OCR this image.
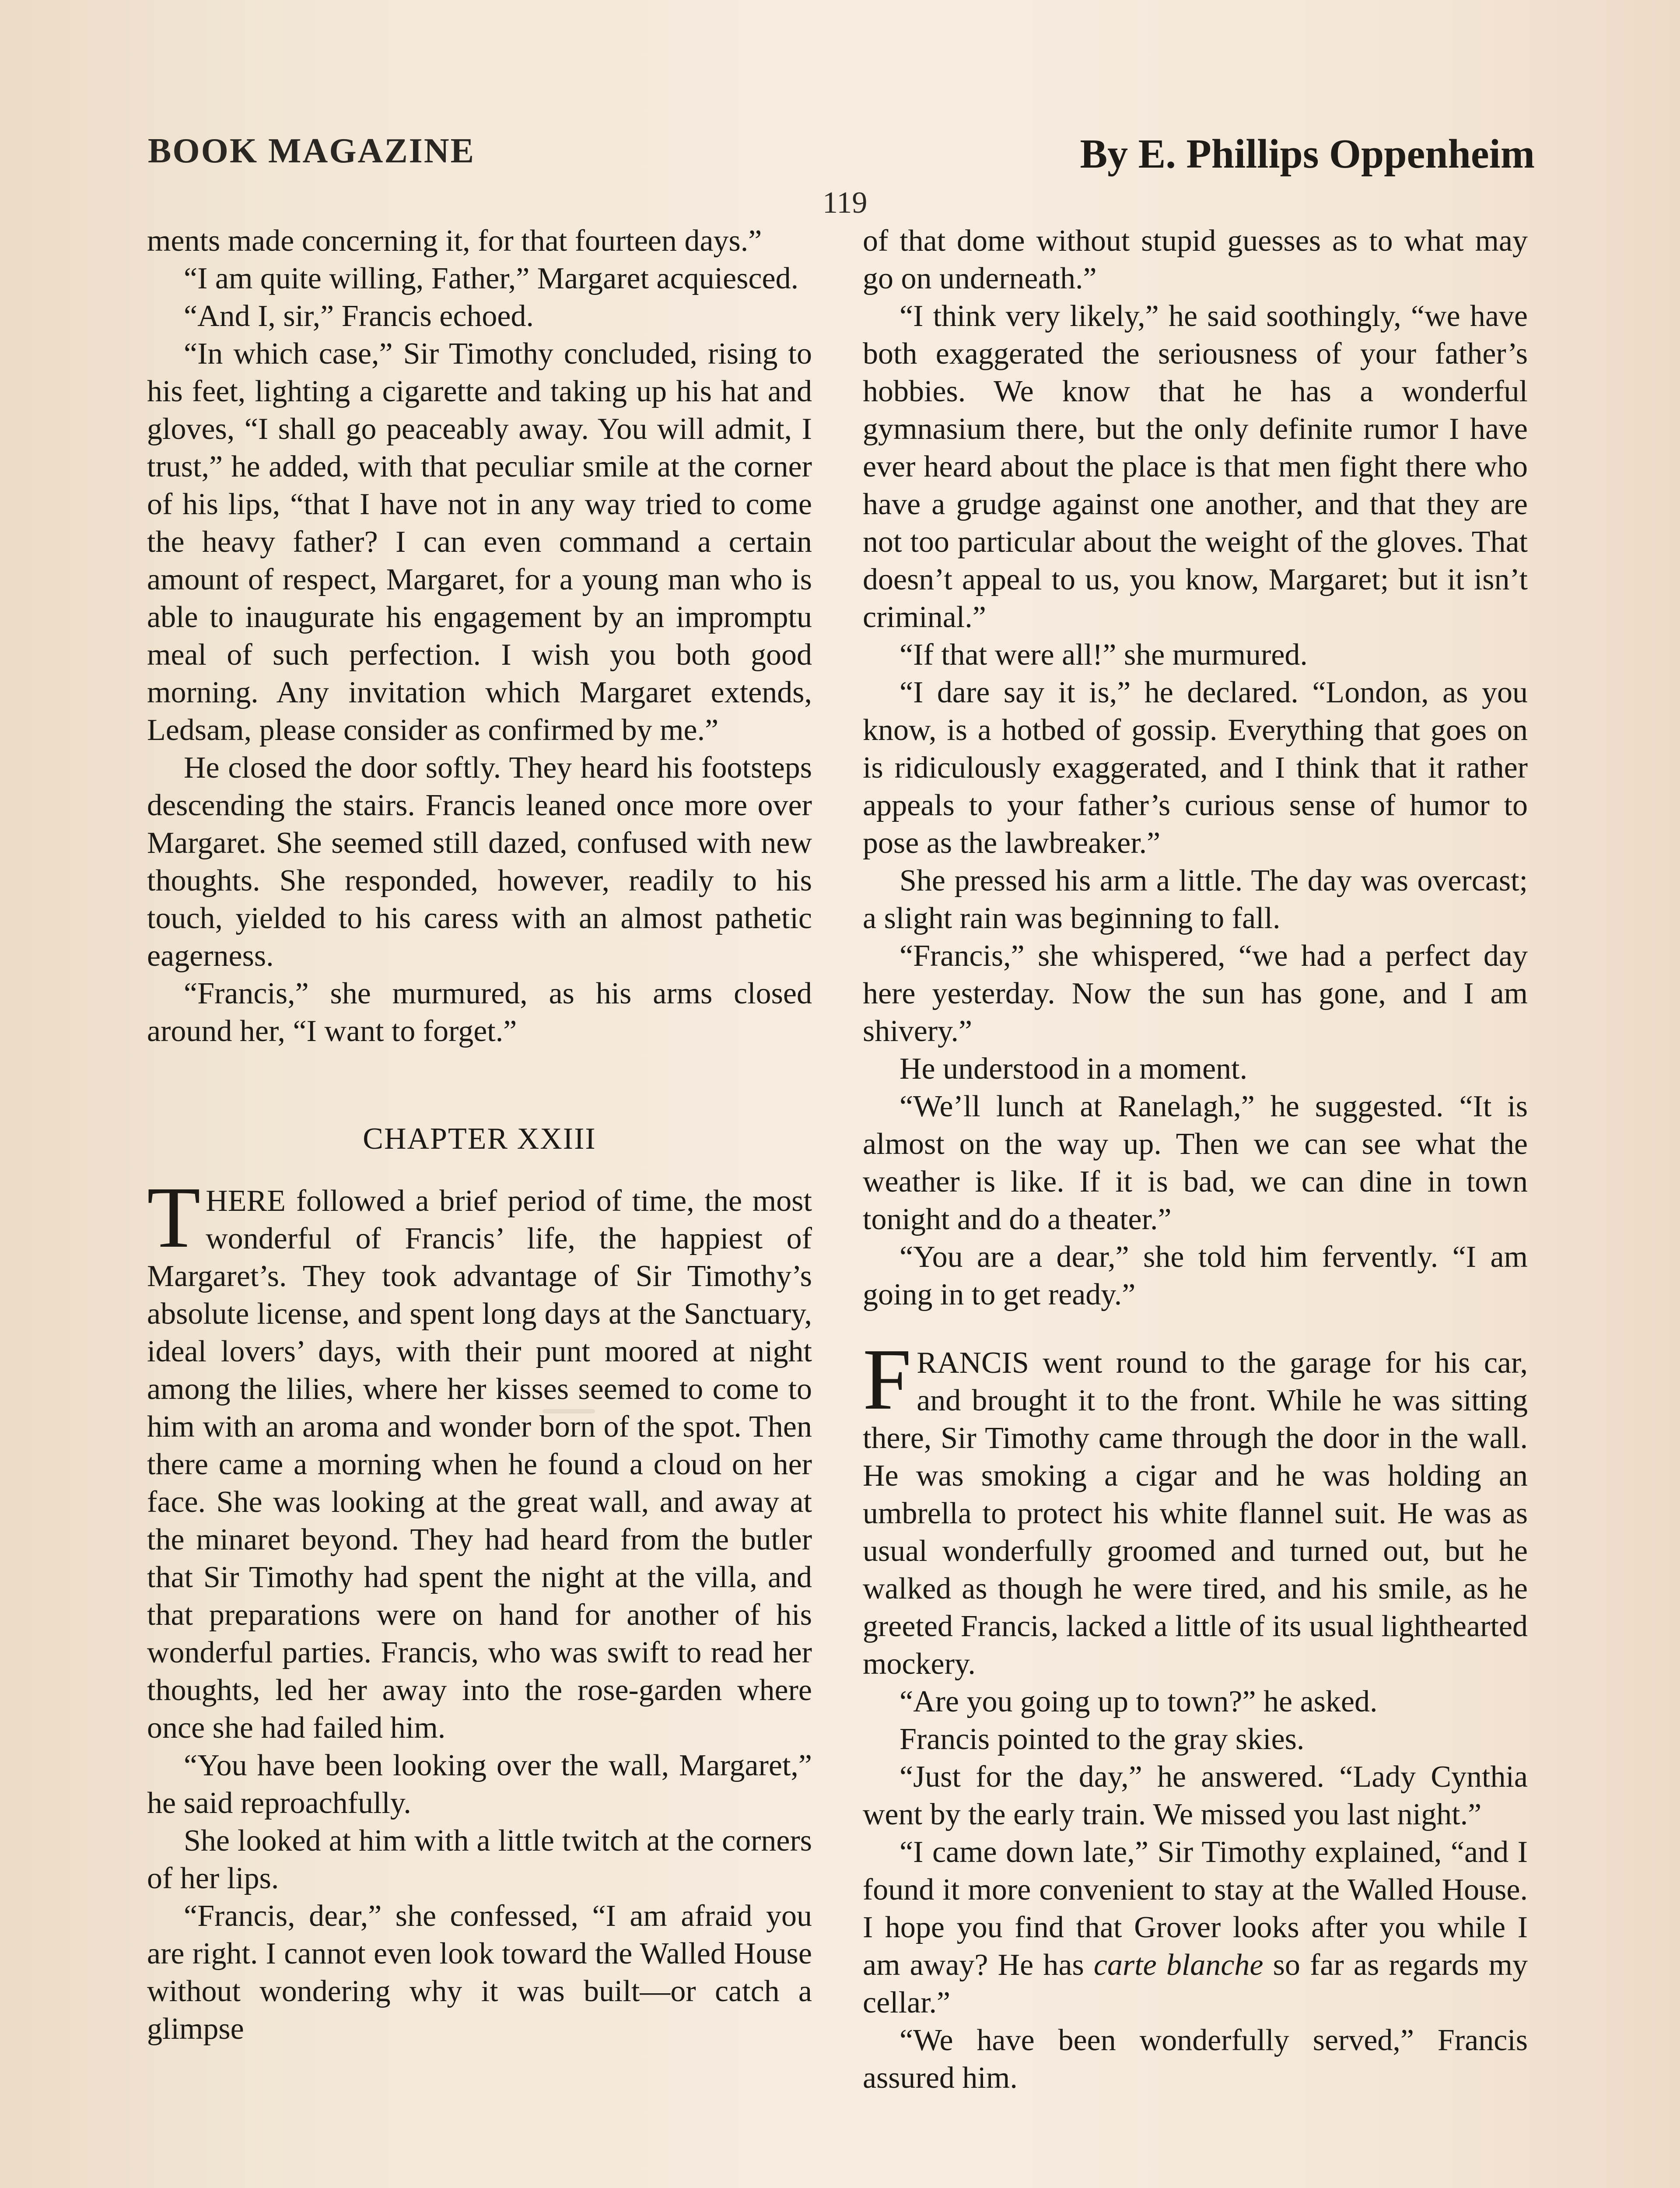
BOOK MAGAZINE	By E. Phillips Oppenheim
119

ments made concerning it, for that fourteen days.”

“I am quite willing, Father,” Margaret acquiesced.

“And I, sir,” Francis echoed.

“In which case,” Sir Timothy concluded, rising to his feet, lighting a cigarette and taking up his hat and gloves, “I shall go peaceably away. You will admit, I trust,” he added, with that peculiar smile at the corner of his lips, “that I have not in any way tried to come the heavy father? I can even command a certain amount of respect, Margaret, for a young man who is able to inaugurate his engagement by an impromptu meal of such perfection. I wish you both good morning. Any invitation which Margaret extends, Ledsam, please consider as confirmed by me.”

He closed the door softly. They heard his footsteps descending the stairs. Francis leaned once more over Margaret. She seemed still dazed, confused with new thoughts. She responded, however, readily to his touch, yielded to his caress with an almost pathetic eagerness.

“Francis,” she murmured, as his arms closed around her, “I want to forget.”

CHAPTER XXIII

THERE followed a brief period of time, the most wonderful of Francis’ life, the happiest of Margaret’s. They took advantage of Sir Timothy’s absolute license, and spent long days at the Sanctuary, ideal lovers’ days, with their punt moored at night among the lilies, where her kisses seemed to come to him with an aroma and wonder born of the spot. Then there came a morning when he found a cloud on her face. She was looking at the great wall, and away at the minaret beyond. They had heard from the butler that Sir Timothy had spent the night at the villa, and that preparations were on hand for another of his wonderful parties. Francis, who was swift to read her thoughts, led her away into the rose-garden where once she had failed him.

“You have been looking over the wall, Margaret,” he said reproachfully.

She looked at him with a little twitch at the corners of her lips.

“Francis, dear,” she confessed, “I am afraid you are right. I cannot even look toward the Walled House without wondering why it was built—or catch a glimpse

of that dome without stupid guesses as to what may go on underneath.”

“I think very likely,” he said soothingly, “we have both exaggerated the seriousness of your father’s hobbies. We know that he has a wonderful gymnasium there, but the only definite rumor I have ever heard about the place is that men fight there who have a grudge against one another, and that they are not too particular about the weight of the gloves. That doesn’t appeal to us, you know, Margaret; but it isn’t criminal.”

“If that were all!” she murmured.

“I dare say it is,” he declared. “London, as you know, is a hotbed of gossip. Everything that goes on is ridiculously exaggerated, and I think that it rather appeals to your father’s curious sense of humor to pose as the lawbreaker.”

She pressed his arm a little. The day was overcast; a slight rain was beginning to fall.

“Francis,” she whispered, “we had a perfect day here yesterday. Now the sun has gone, and I am shivery.”

He understood in a moment.

“We’ll lunch at Ranelagh,” he suggested. “It is almost on the way up. Then we can see what the weather is like. If it is bad, we can dine in town tonight and do a theater.”

“You are a dear,” she told him fervently. “I am going in to get ready.”

FRANCIS went round to the garage for his car, and brought it to the front. While he was sitting there, Sir Timothy came through the door in the wall. He was smoking a cigar and he was holding an umbrella to protect his white flannel suit. He was as usual wonderfully groomed and turned out, but he walked as though he were tired, and his smile, as he greeted Francis, lacked a little of its usual lighthearted mockery.

“Are you going up to town?” he asked.

Francis pointed to the gray skies.

“Just for the day,” he answered. “Lady Cynthia went by the early train. We missed you last night.”

“I came down late,” Sir Timothy explained, “and I found it more convenient to stay at the Walled House. I hope you find that Grover looks after you while I am away? He has carte blanche so far as regards my cellar.”

“We have been wonderfully served,” Francis assured him.
